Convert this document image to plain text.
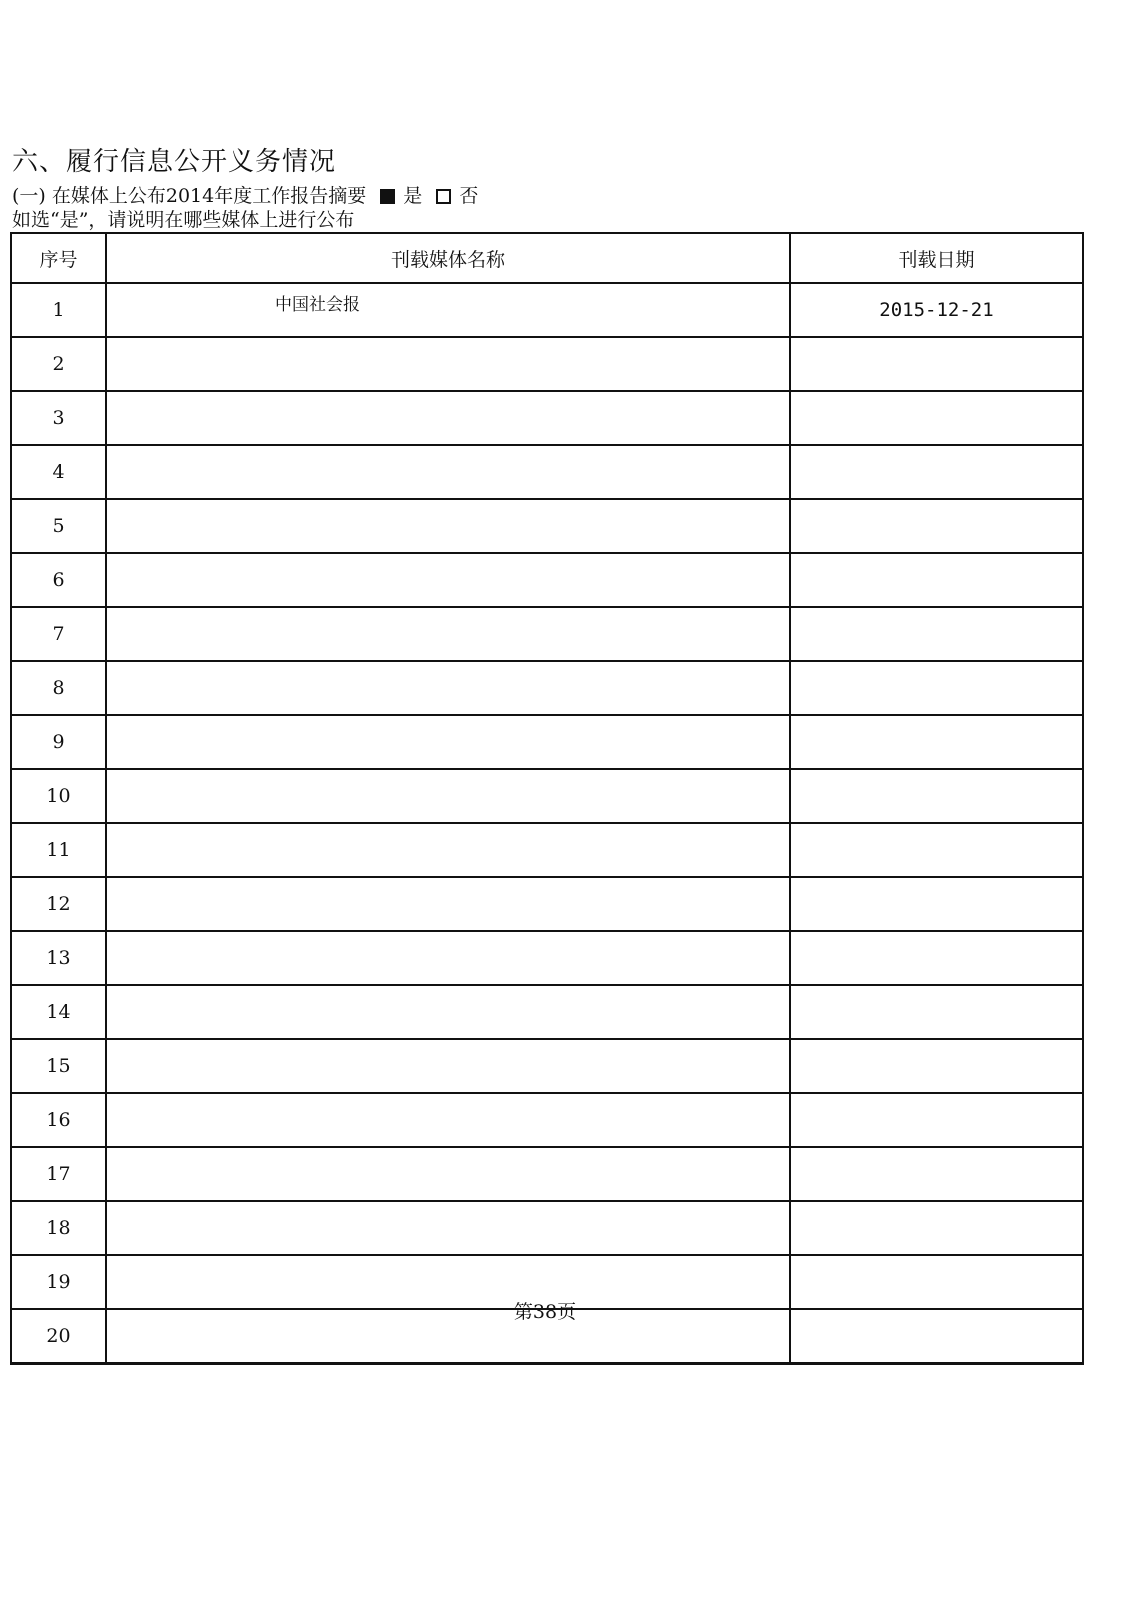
六、履行信息公开义务情况
(一) 在媒体上公布2014年度工作报告摘要 是 否
如选“是”，请说明在哪些媒体上进行公布
序号	刊载媒体名称	刊载日期
1	中国社会报	2015-12-21
2		
3		
4		
5		
6		
7		
8		
9		
10		
11		
12		
13		
14		
15		
16		
17		
18		
19		
20		
第38页
